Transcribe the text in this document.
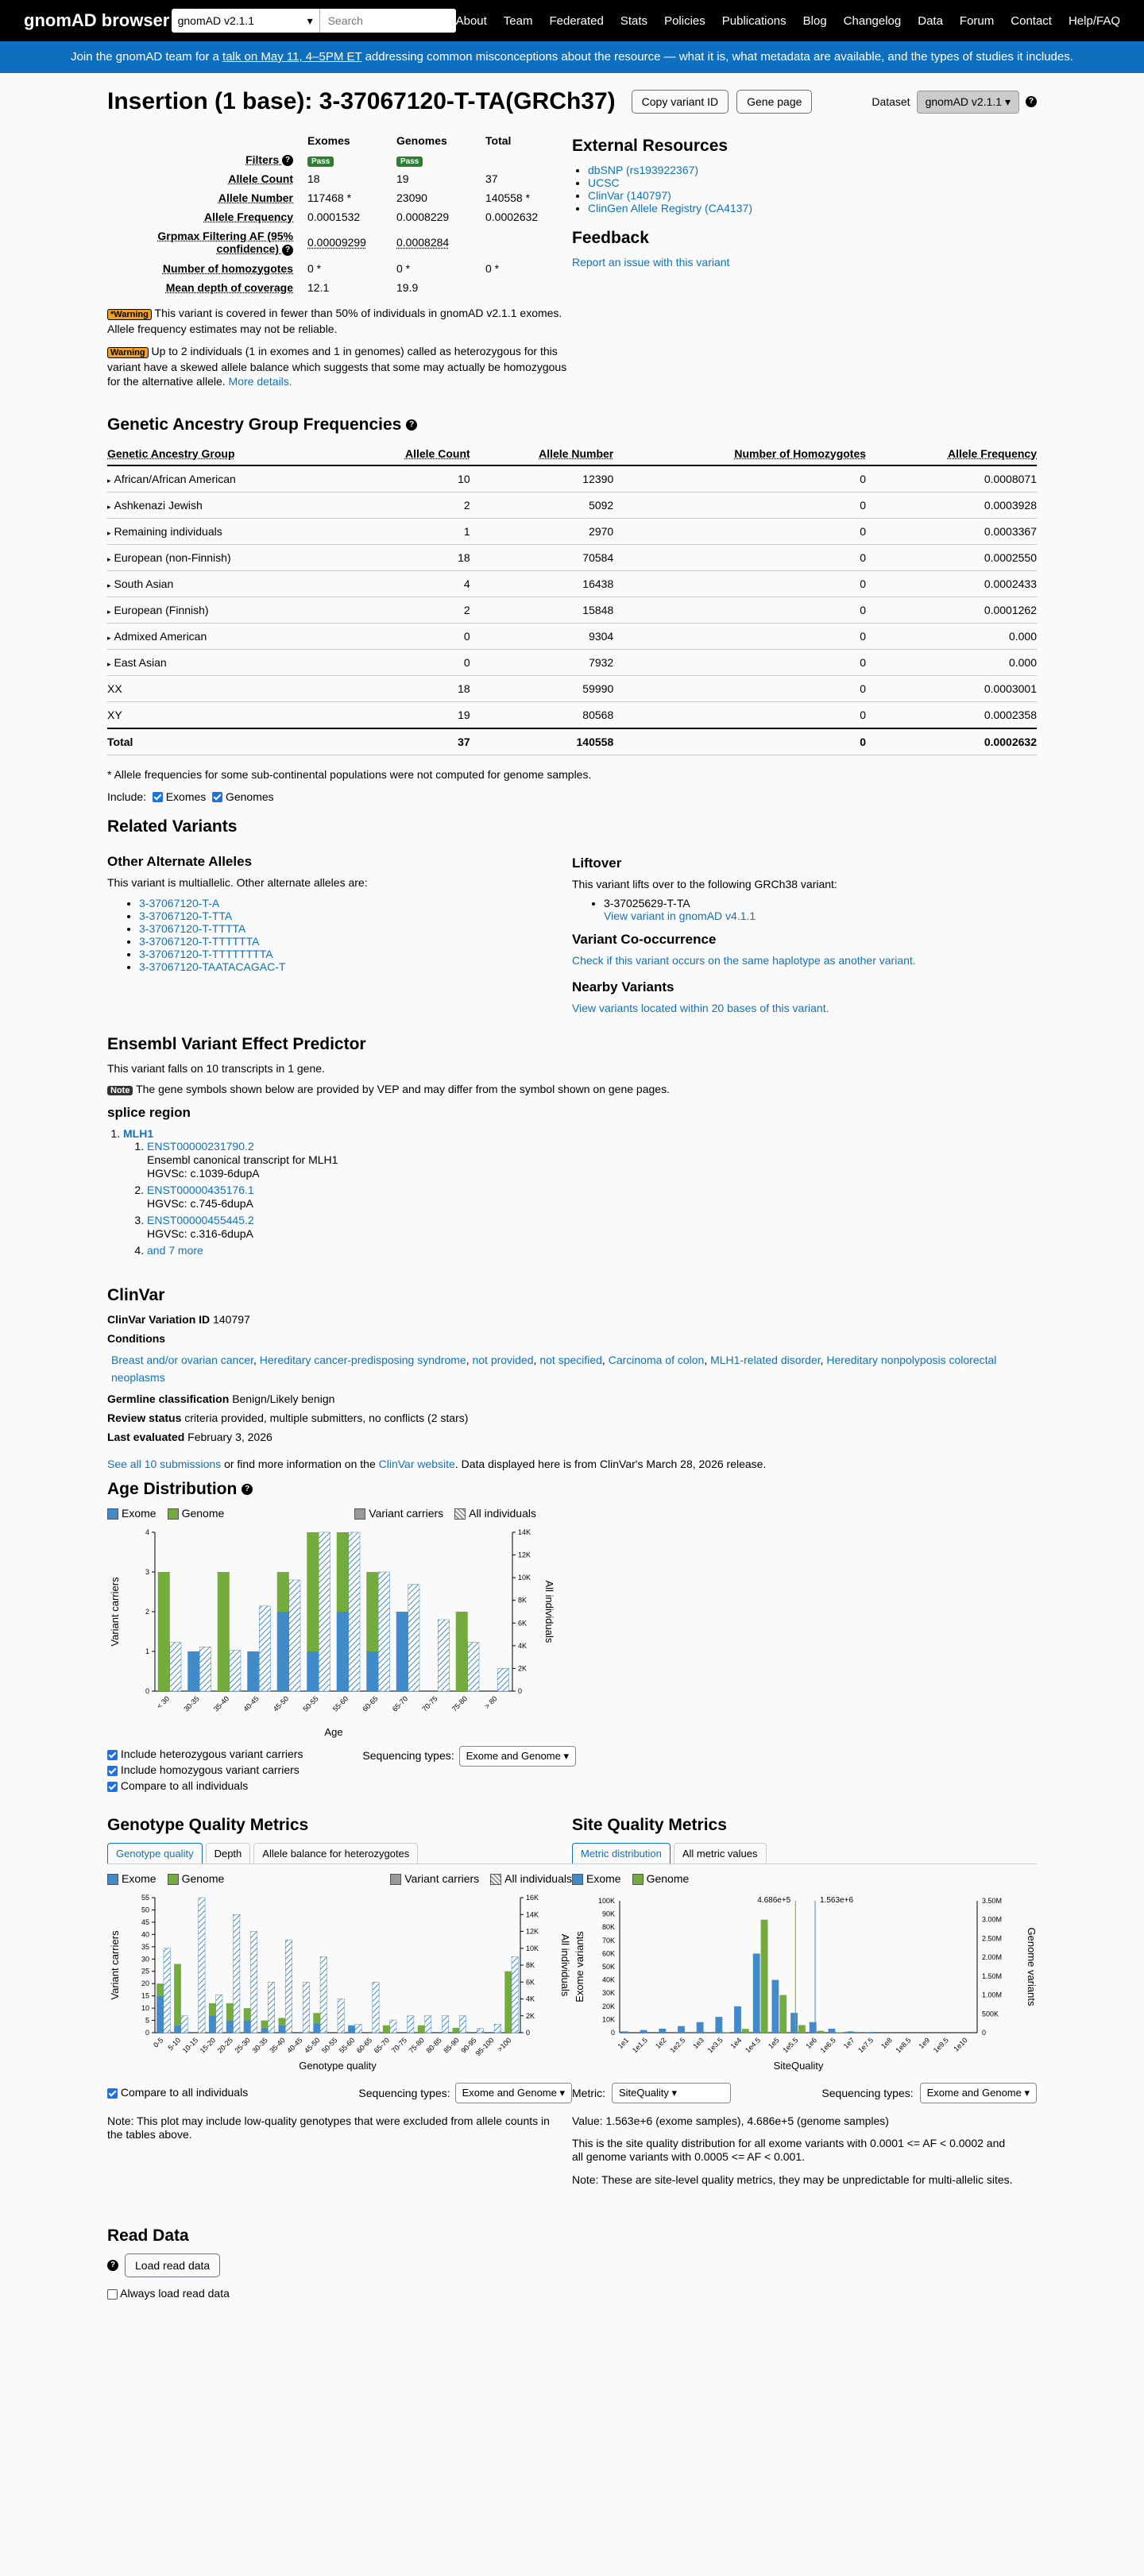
gnomAD browser gnomAD v2.1.1	▾	Search	About Team Federated Stats Policies Publications Blog Changelog Data Forum Contact Help/FAQ
Join the gnomAD team for a talk on May 11, 4–5PM ET addressing common misconceptions about the resource — what it is, what metadata are available, and the types of studies it includes.
Insertion (1 base): 3-37067120-T-TA(GRCh37)	Copy variant ID	Gene page	Dataset	gnomAD v2.1.1 ▾	?
	Exomes	Genomes	Total
Filters ?	Pass	Pass	
Allele Count	18	19	37
Allele Number	117468 *	23090	140558 *
Allele Frequency	0.0001532	0.0008229	0.0002632
Grpmax Filtering AF (95% confidence) ?	0.00009299	0.0008284	
Number of homozygotes	0 *	0 *	0 *
Mean depth of coverage	12.1	19.9	

*Warning This variant is covered in fewer than 50% of individuals in gnomAD v2.1.1 exomes. Allele frequency estimates may not be reliable.

Warning Up to 2 individuals (1 in exomes and 1 in genomes) called as heterozygous for this variant have a skewed allele balance which suggests that some may actually be homozygous for the alternative allele. More details.

External Resources
• dbSNP (rs193922367)
• UCSC
• ClinVar (140797)
• ClinGen Allele Registry (CA4137)
Feedback
Report an issue with this variant
Genetic Ancestry Group Frequencies ?
Genetic Ancestry Group	Allele Count	Allele Number	Number of Homozygotes	Allele Frequency
▸ African/African American	10	12390	0	0.0008071
▸ Ashkenazi Jewish	2	5092	0	0.0003928
▸ Remaining individuals	1	2970	0	0.0003367
▸ European (non-Finnish)	18	70584	0	0.0002550
▸ South Asian	4	16438	0	0.0002433
▸ European (Finnish)	2	15848	0	0.0001262
▸ Admixed American	0	9304	0	0.000
▸ East Asian	0	7932	0	0.000
XX	18	59990	0	0.0003001
XY	19	80568	0	0.0002358
Total	37	140558	0	0.0002632

* Allele frequencies for some sub-continental populations were not computed for genome samples.

Include: Exomes Genomes

Related Variants
Other Alternate Alleles

This variant is multiallelic. Other alternate alleles are:

• 3-37067120-T-A
• 3-37067120-T-TTA
• 3-37067120-T-TTTTA
• 3-37067120-T-TTTTTTA
• 3-37067120-T-TTTTTTTTA
• 3-37067120-TAATACAGAC-T
Liftover

This variant lifts over to the following GRCh38 variant:

• 3-37025629-T-TA
View variant in gnomAD v4.1.1
Variant Co-occurrence
Check if this variant occurs on the same haplotype as another variant.
Nearby Variants
View variants located within 20 bases of this variant.
Ensembl Variant Effect Predictor

This variant falls on 10 transcripts in 1 gene.

Note The gene symbols shown below are provided by VEP and may differ from the symbol shown on gene pages.

splice region
1. MLH1
1. ENST00000231790.2
Ensembl canonical transcript for MLH1
HGVSc: c.1039-6dupA
2. ENST00000435176.1
HGVSc: c.745-6dupA
3. ENST00000455445.2
HGVSc: c.316-6dupA
4. and 7 more
ClinVar

ClinVar Variation ID 140797

Conditions

Breast and/or ovarian cancer, Hereditary cancer-predisposing syndrome, not provided, not specified, Carcinoma of colon, MLH1-related disorder, Hereditary nonpolyposis colorectal neoplasms

Germline classification Benign/Likely benign

Review status criteria provided, multiple submitters, no conflicts (2 stars)

Last evaluated February 3, 2026

See all 10 submissions or find more information on the ClinVar website. Data displayed here is from ClinVar's March 28, 2026 release.

Age Distribution ?
Exome	Genome	Variant carriers	All individuals
0
1
2
3
4
0
2K
4K
6K
8K
10K
12K
14K
< 30 30-35 35-40 40-45 45-50 50-55 55-60 60-65 65-70 70-75 75-80 > 80
Age
Variant carriers	All individuals
Include heterozygous variant carriers
Include homozygous variant carriers
Compare to all individuals
Sequencing types:	Exome and Genome ▾
Genotype Quality Metrics
Genotype quality	Depth	Allele balance for heterozygotes
Exome	Genome	Variant carriers	All individuals
0
5
10
15
20
25
30
35
40
45
50
55
0
2K
4K
6K
8K
10K
12K
14K
16K
0-5 5-10
10-15
15-20
20-25
25-30
30-35
35-40
40-45
45-50
50-55
55-60
60-65
65-70
70-75
75-80
80-85
85-90
90-95
95-100 >100
Genotype quality
Variant carriers	All individuals
Compare to all individuals	Sequencing types:	Exome and Genome ▾

Note: This plot may include low-quality genotypes that were excluded from allele counts in the tables above.

Site Quality Metrics
Metric distribution	All metric values
Exome	Genome
0
10K
20K
30K
40K
50K
60K
70K
80K
90K
100K
0
500K
1.00M
1.50M
2.00M
2.50M
3.00M
3.50M
1e1 1e1.5 1e2 1e2.5 1e3 1e3.5 1e4 1e4.5 1e5 1e5.5 1e6 1e6.5 1e7 1e7.5 1e8 1e8.5 1e9 1e9.5 1e10
4.686e+5	1.563e+6
SiteQuality
Exome variants	Genome variants
Metric:	SiteQuality ▾	Sequencing types:	Exome and Genome ▾

Value: 1.563e+6 (exome samples), 4.686e+5 (genome samples)

This is the site quality distribution for all exome variants with 0.0001 <= AF < 0.0002 and all genome variants with 0.0005 <= AF < 0.001.

Note: These are site-level quality metrics, they may be unpredictable for multi-allelic sites.

Read Data
?	Load read data
Always load read data
